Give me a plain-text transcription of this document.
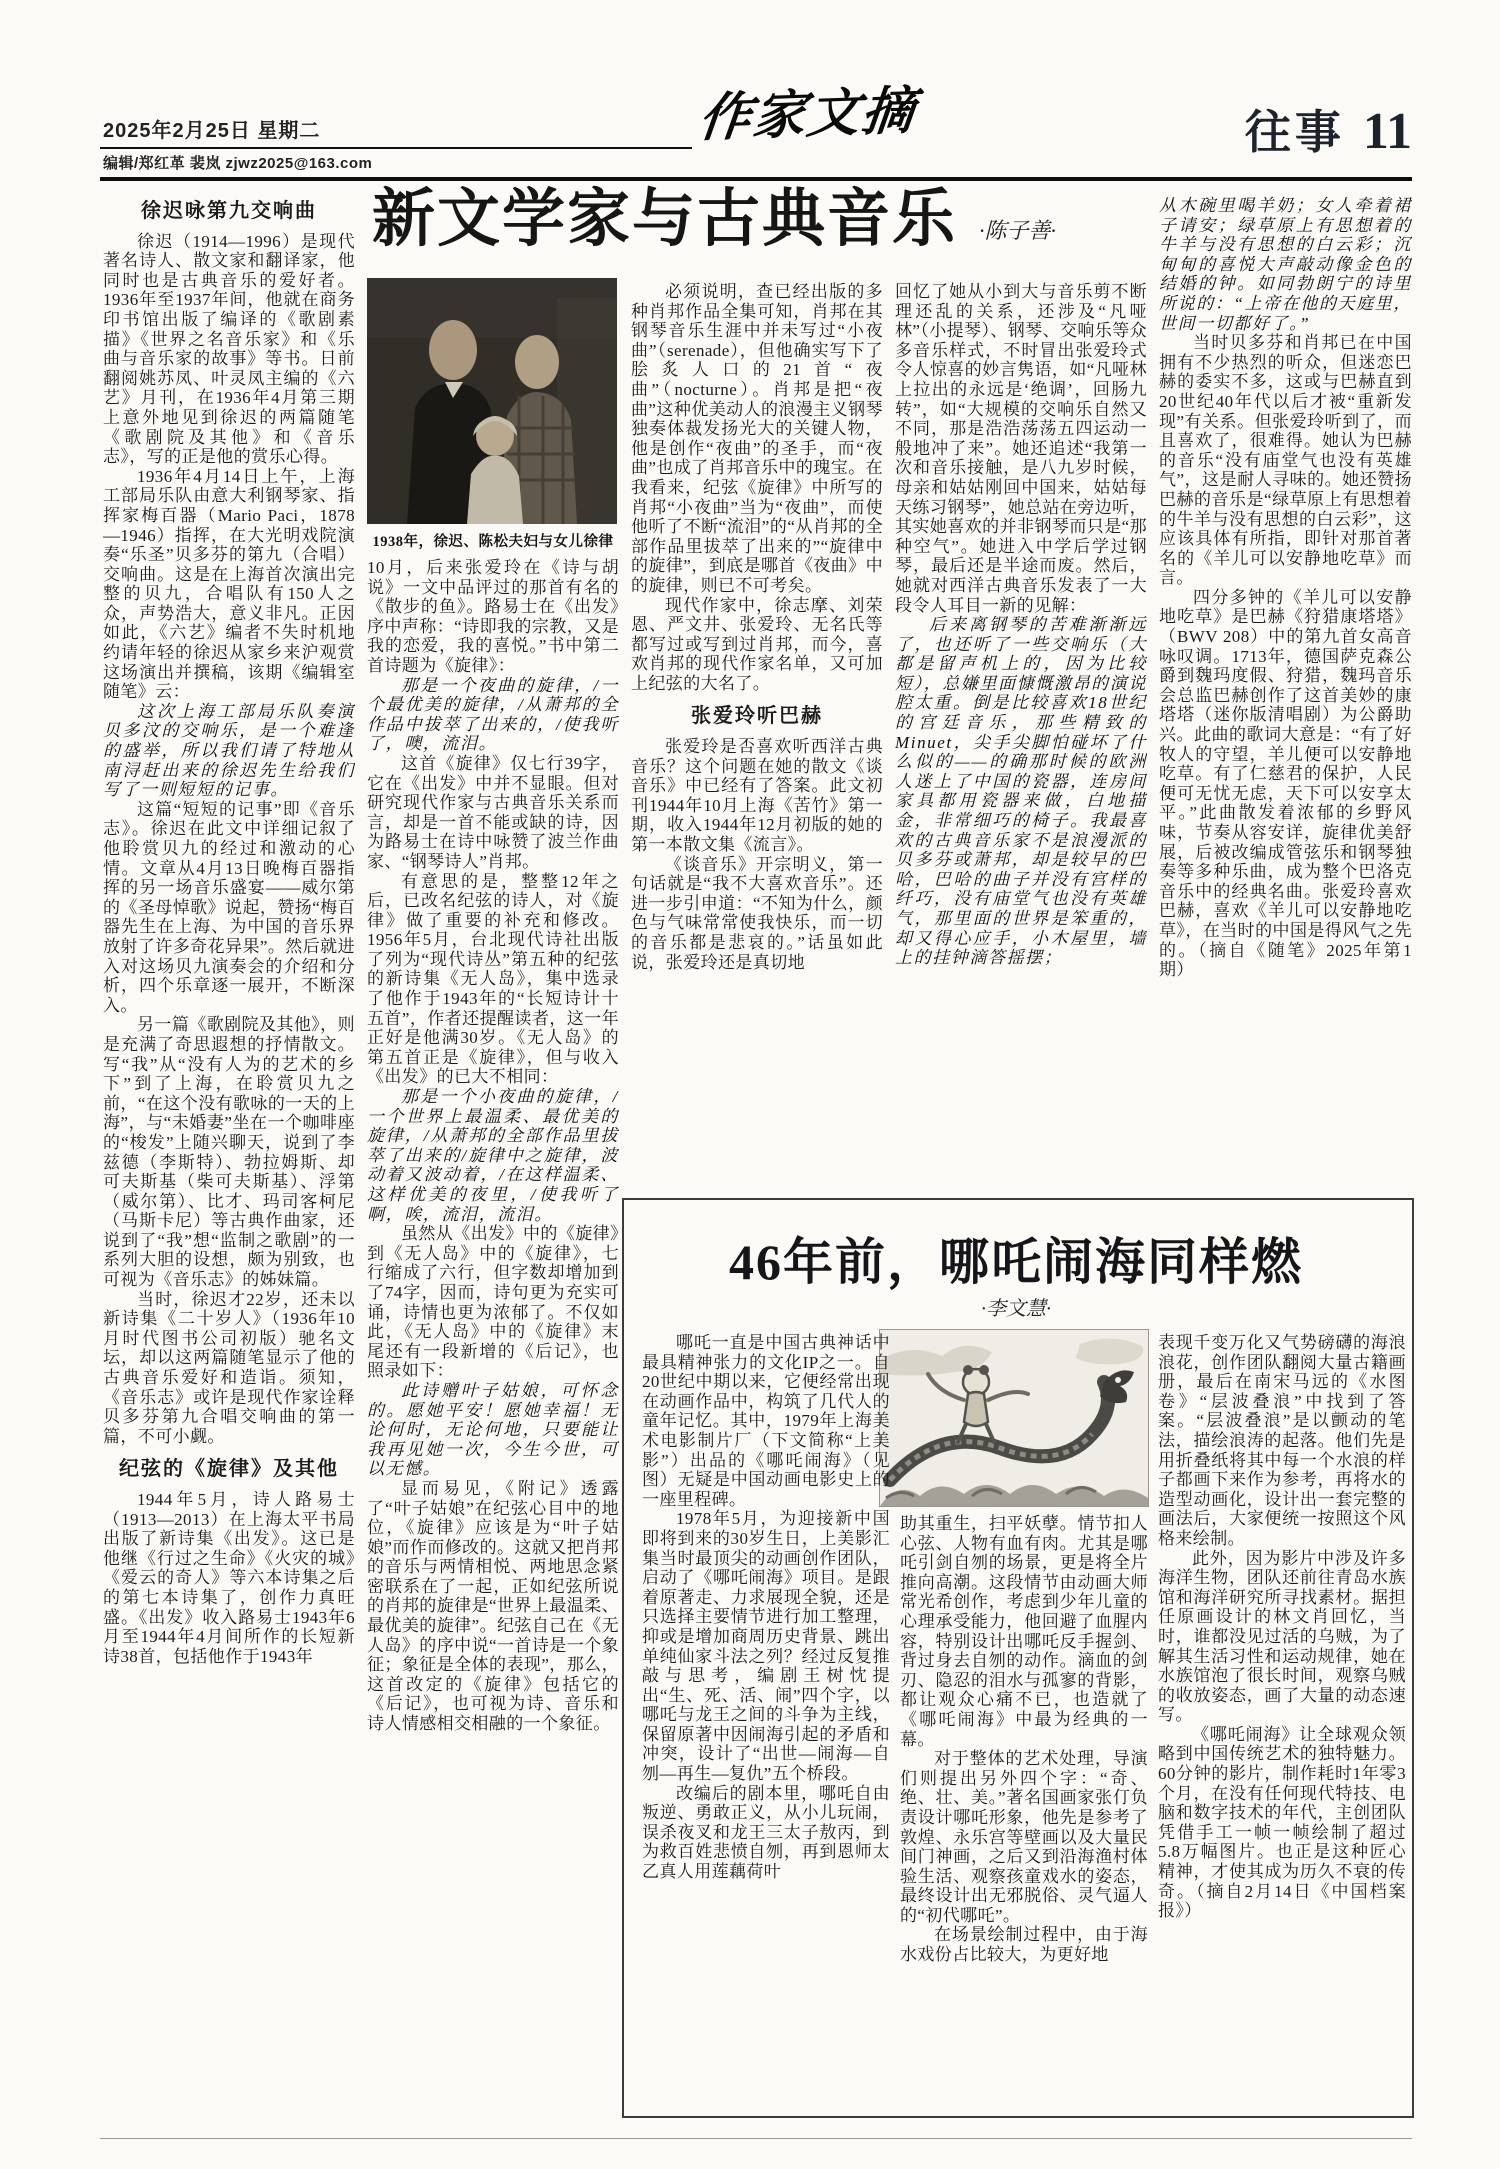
2025年2月25日 星期二
编辑/郑红革 裴岚 zjwz2025@163.com
作家文摘	往事 11
新文学家与古典音乐 ·陈子善·
1938年，徐迟、陈松夫妇与女儿徐律
徐迟咏第九交响曲
徐迟（1914—1996）是现代著名诗人、散文家和翻译家，他同时也是古典音乐的爱好者。1936年至1937年间，他就在商务印书馆出版了编译的《歌剧素描》《世界之名音乐家》和《乐曲与音乐家的故事》等书。日前翻阅姚苏凤、叶灵凤主编的《六艺》月刊，在1936年4月第三期上意外地见到徐迟的两篇随笔《歌剧院及其他》和《音乐志》，写的正是他的赏乐心得。
1936年4月14日上午，上海工部局乐队由意大利钢琴家、指挥家梅百器（Mario Paci，1878—1946）指挥，在大光明戏院演奏“乐圣”贝多芬的第九（合唱）交响曲。这是在上海首次演出完整的贝九，合唱队有150人之众，声势浩大，意义非凡。正因如此，《六艺》编者不失时机地约请年轻的徐迟从家乡来沪观赏这场演出并撰稿，该期《编辑室随笔》云：
这次上海工部局乐队奏演贝多汶的交响乐，是一个难逢的盛举，所以我们请了特地从南浔赶出来的徐迟先生给我们写了一则短短的记事。
这篇“短短的记事”即《音乐志》。徐迟在此文中详细记叙了他聆赏贝九的经过和激动的心情。文章从4月13日晚梅百器指挥的另一场音乐盛宴——威尔第的《圣母悼歌》说起，赞扬“梅百器先生在上海、为中国的音乐界放射了许多奇花异果”。然后就进入对这场贝九演奏会的介绍和分析，四个乐章逐一展开，不断深入。
另一篇《歌剧院及其他》，则是充满了奇思遐想的抒情散文。写“我”从“没有人为的艺术的乡下”到了上海，在聆赏贝九之前，“在这个没有歌咏的一天的上海”，与“未婚妻”坐在一个咖啡座的“梭发”上随兴聊天，说到了李兹德（李斯特）、勃拉姆斯、却可夫斯基（柴可夫斯基）、浮第（威尔第）、比才、玛司客柯尼（马斯卡尼）等古典作曲家，还说到了“我”想“监制之歌剧”的一系列大胆的设想，颇为别致，也可视为《音乐志》的姊妹篇。
当时，徐迟才22岁，还未以新诗集《二十岁人》（1936年10月时代图书公司初版）驰名文坛，却以这两篇随笔显示了他的古典音乐爱好和造诣。须知，《音乐志》或许是现代作家诠释贝多芬第九合唱交响曲的第一篇，不可小觑。
纪弦的《旋律》及其他
1944年5月，诗人路易士（1913—2013）在上海太平书局出版了新诗集《出发》。这已是他继《行过之生命》《火灾的城》《爱云的奇人》等六本诗集之后的第七本诗集了，创作力真旺盛。《出发》收入路易士1943年6月至1944年4月间所作的长短新诗38首，包括他作于1943年
10月，后来张爱玲在《诗与胡说》一文中品评过的那首有名的《散步的鱼》。路易士在《出发》序中声称：“诗即我的宗教，又是我的恋爱，我的喜悦。”书中第二首诗题为《旋律》：
那是一个夜曲的旋律，/一个最优美的旋律，/从萧邦的全作品中拔萃了出来的，/使我听了，噢，流泪。
这首《旋律》仅七行39字，它在《出发》中并不显眼。但对研究现代作家与古典音乐关系而言，却是一首不能或缺的诗，因为路易士在诗中咏赞了波兰作曲家、“钢琴诗人”肖邦。
有意思的是，整整12年之后，已改名纪弦的诗人，对《旋律》做了重要的补充和修改。1956年5月，台北现代诗社出版了列为“现代诗丛”第五种的纪弦的新诗集《无人岛》，集中选录了他作于1943年的“长短诗计十五首”，作者还提醒读者，这一年正好是他满30岁。《无人岛》的第五首正是《旋律》，但与收入《出发》的已大不相同：
那是一个小夜曲的旋律，/一个世界上最温柔、最优美的旋律，/从萧邦的全部作品里拔萃了出来的/旋律中之旋律，波动着又波动着，/在这样温柔、这样优美的夜里，/使我听了啊，唉，流泪，流泪。
虽然从《出发》中的《旋律》到《无人岛》中的《旋律》，七行缩成了六行，但字数却增加到了74字，因而，诗句更为充实可诵，诗情也更为浓郁了。不仅如此，《无人岛》中的《旋律》末尾还有一段新增的《后记》，也照录如下：
此诗赠叶子姑娘，可怀念的。愿她平安！愿她幸福！无论何时，无论何地，只要能让我再见她一次，今生今世，可以无憾。
显而易见，《附记》透露了“叶子姑娘”在纪弦心目中的地位，《旋律》应该是为“叶子姑娘”而作而修改的。这就又把肖邦的音乐与两情相悦、两地思念紧密联系在了一起，正如纪弦所说的肖邦的旋律是“世界上最温柔、最优美的旋律”。纪弦自己在《无人岛》的序中说“一首诗是一个象征；象征是全体的表现”，那么，这首改定的《旋律》包括它的《后记》，也可视为诗、音乐和诗人情感相交相融的一个象征。
必须说明，查已经出版的多种肖邦作品全集可知，肖邦在其钢琴音乐生涯中并未写过“小夜曲”（serenade），但他确实写下了脍炙人口的21首“夜曲”（nocturne）。肖邦是把“夜曲”这种优美动人的浪漫主义钢琴独奏体裁发扬光大的关键人物，他是创作“夜曲”的圣手，而“夜曲”也成了肖邦音乐中的瑰宝。在我看来，纪弦《旋律》中所写的肖邦“小夜曲”当为“夜曲”，而使他听了不断“流泪”的“从肖邦的全部作品里拔萃了出来的”“旋律中的旋律”，到底是哪首《夜曲》中的旋律，则已不可考矣。
现代作家中，徐志摩、刘荣恩、严文井、张爱玲、无名氏等都写过或写到过肖邦，而今，喜欢肖邦的现代作家名单，又可加上纪弦的大名了。
张爱玲听巴赫
张爱玲是否喜欢听西洋古典音乐？这个问题在她的散文《谈音乐》中已经有了答案。此文初刊1944年10月上海《苦竹》第一期，收入1944年12月初版的她的第一本散文集《流言》。
《谈音乐》开宗明义，第一句话就是“我不大喜欢音乐”。还进一步引申道：“不知为什么，颜色与气味常常使我快乐，而一切的音乐都是悲哀的。”话虽如此说，张爱玲还是真切地
回忆了她从小到大与音乐剪不断理还乱的关系，还涉及“凡哑林”（小提琴）、钢琴、交响乐等众多音乐样式，不时冒出张爱玲式令人惊喜的妙言隽语，如“凡哑林上拉出的永远是‘绝调’，回肠九转”，如“大规模的交响乐自然又不同，那是浩浩荡荡五四运动一般地冲了来”。她还追述“我第一次和音乐接触，是八九岁时候，母亲和姑姑刚回中国来，姑姑每天练习钢琴”，她总站在旁边听，其实她喜欢的并非钢琴而只是“那种空气”。她进入中学后学过钢琴，最后还是半途而废。然后，她就对西洋古典音乐发表了一大段令人耳目一新的见解：
后来离钢琴的苦难渐渐远了，也还听了一些交响乐（大都是留声机上的，因为比较短），总嫌里面慷慨激昂的演说腔太重。倒是比较喜欢18世纪的宫廷音乐，那些精致的Minuet，尖手尖脚怕碰坏了什么似的——的确那时候的欧洲人迷上了中国的瓷器，连房间家具都用瓷器来做，白地描金，非常细巧的椅子。我最喜欢的古典音乐家不是浪漫派的贝多芬或萧邦，却是较早的巴哈，巴哈的曲子并没有宫样的纤巧，没有庙堂气也没有英雄气，那里面的世界是笨重的，却又得心应手，小木屋里，墙上的挂钟滴答摇摆；
从木碗里喝羊奶；女人牵着裙子请安；绿草原上有思想着的牛羊与没有思想的白云彩；沉甸甸的喜悦大声敲动像金色的结婚的钟。如同勃朗宁的诗里所说的：“上帝在他的天庭里，世间一切都好了。”
当时贝多芬和肖邦已在中国拥有不少热烈的听众，但迷恋巴赫的委实不多，这或与巴赫直到20世纪40年代以后才被“重新发现”有关系。但张爱玲听到了，而且喜欢了，很难得。她认为巴赫的音乐“没有庙堂气也没有英雄气”，这是耐人寻味的。她还赞扬巴赫的音乐是“绿草原上有思想着的牛羊与没有思想的白云彩”，这应该具体有所指，即针对那首著名的《羊儿可以安静地吃草》而言。
四分多钟的《羊儿可以安静地吃草》是巴赫《狩猎康塔塔》（BWV 208）中的第九首女高音咏叹调。1713年，德国萨克森公爵到魏玛度假、狩猎，魏玛音乐会总监巴赫创作了这首美妙的康塔塔（迷你版清唱剧）为公爵助兴。此曲的歌词大意是：“有了好牧人的守望，羊儿便可以安静地吃草。有了仁慈君的保护，人民便可无忧无虑，天下可以安享太平。”此曲散发着浓郁的乡野风味，节奏从容安详，旋律优美舒展，后被改编成管弦乐和钢琴独奏等多种乐曲，成为整个巴洛克音乐中的经典名曲。张爱玲喜欢巴赫，喜欢《羊儿可以安静地吃草》，在当时的中国是得风气之先的。（摘自《随笔》2025年第1期）
46年前，哪吒闹海同样燃
·李文慧·
哪吒一直是中国古典神话中最具精神张力的文化IP之一。自20世纪中期以来，它便经常出现在动画作品中，构筑了几代人的童年记忆。其中，1979年上海美术电影制片厂（下文简称“上美影”）出品的《哪吒闹海》（见图）无疑是中国动画电影史上的一座里程碑。
1978年5月，为迎接新中国即将到来的30岁生日，上美影汇集当时最顶尖的动画创作团队，启动了《哪吒闹海》项目。是跟着原著走、力求展现全貌，还是只选择主要情节进行加工整理，抑或是增加商周历史背景、跳出单纯仙家斗法之列？经过反复推敲与思考，编剧王树忱提出“生、死、活、闹”四个字，以哪吒与龙王之间的斗争为主线，保留原著中因闹海引起的矛盾和冲突，设计了“出世—闹海—自刎—再生—复仇”五个桥段。
改编后的剧本里，哪吒自由叛逆、勇敢正义，从小儿玩闹，误杀夜叉和龙王三太子敖丙，到为救百姓悲愤自刎，再到恩师太乙真人用莲藕荷叶
助其重生，扫平妖孽。情节扣人心弦、人物有血有肉。尤其是哪吒引剑自刎的场景，更是将全片推向高潮。这段情节由动画大师常光希创作，考虑到少年儿童的心理承受能力，他回避了血腥内容，特别设计出哪吒反手握剑、背过身去自刎的动作。滴血的剑刃、隐忍的泪水与孤寥的背影，都让观众心痛不已，也造就了《哪吒闹海》中最为经典的一幕。
对于整体的艺术处理，导演们则提出另外四个字：“奇、绝、壮、美。”著名国画家张仃负责设计哪吒形象，他先是参考了敦煌、永乐宫等壁画以及大量民间门神画，之后又到沿海渔村体验生活、观察孩童戏水的姿态，最终设计出无邪脱俗、灵气逼人的“初代哪吒”。
在场景绘制过程中，由于海水戏份占比较大，为更好地
表现千变万化又气势磅礴的海浪浪花，创作团队翻阅大量古籍画册，最后在南宋马远的《水图卷》“层波叠浪”中找到了答案。“层波叠浪”是以颤动的笔法，描绘浪涛的起落。他们先是用折叠纸将其中每一个水浪的样子都画下来作为参考，再将水的造型动画化，设计出一套完整的画法后，大家便统一按照这个风格来绘制。
此外，因为影片中涉及许多海洋生物，团队还前往青岛水族馆和海洋研究所寻找素材。据担任原画设计的林文肖回忆，当时，谁都没见过活的乌贼，为了解其生活习性和运动规律，她在水族馆泡了很长时间，观察乌贼的收放姿态，画了大量的动态速写。
《哪吒闹海》让全球观众领略到中国传统艺术的独特魅力。60分钟的影片，制作耗时1年零3个月，在没有任何现代特技、电脑和数字技术的年代，主创团队凭借手工一帧一帧绘制了超过5.8万幅图片。也正是这种匠心精神，才使其成为历久不衰的传奇。（摘自2月14日《中国档案报》）
